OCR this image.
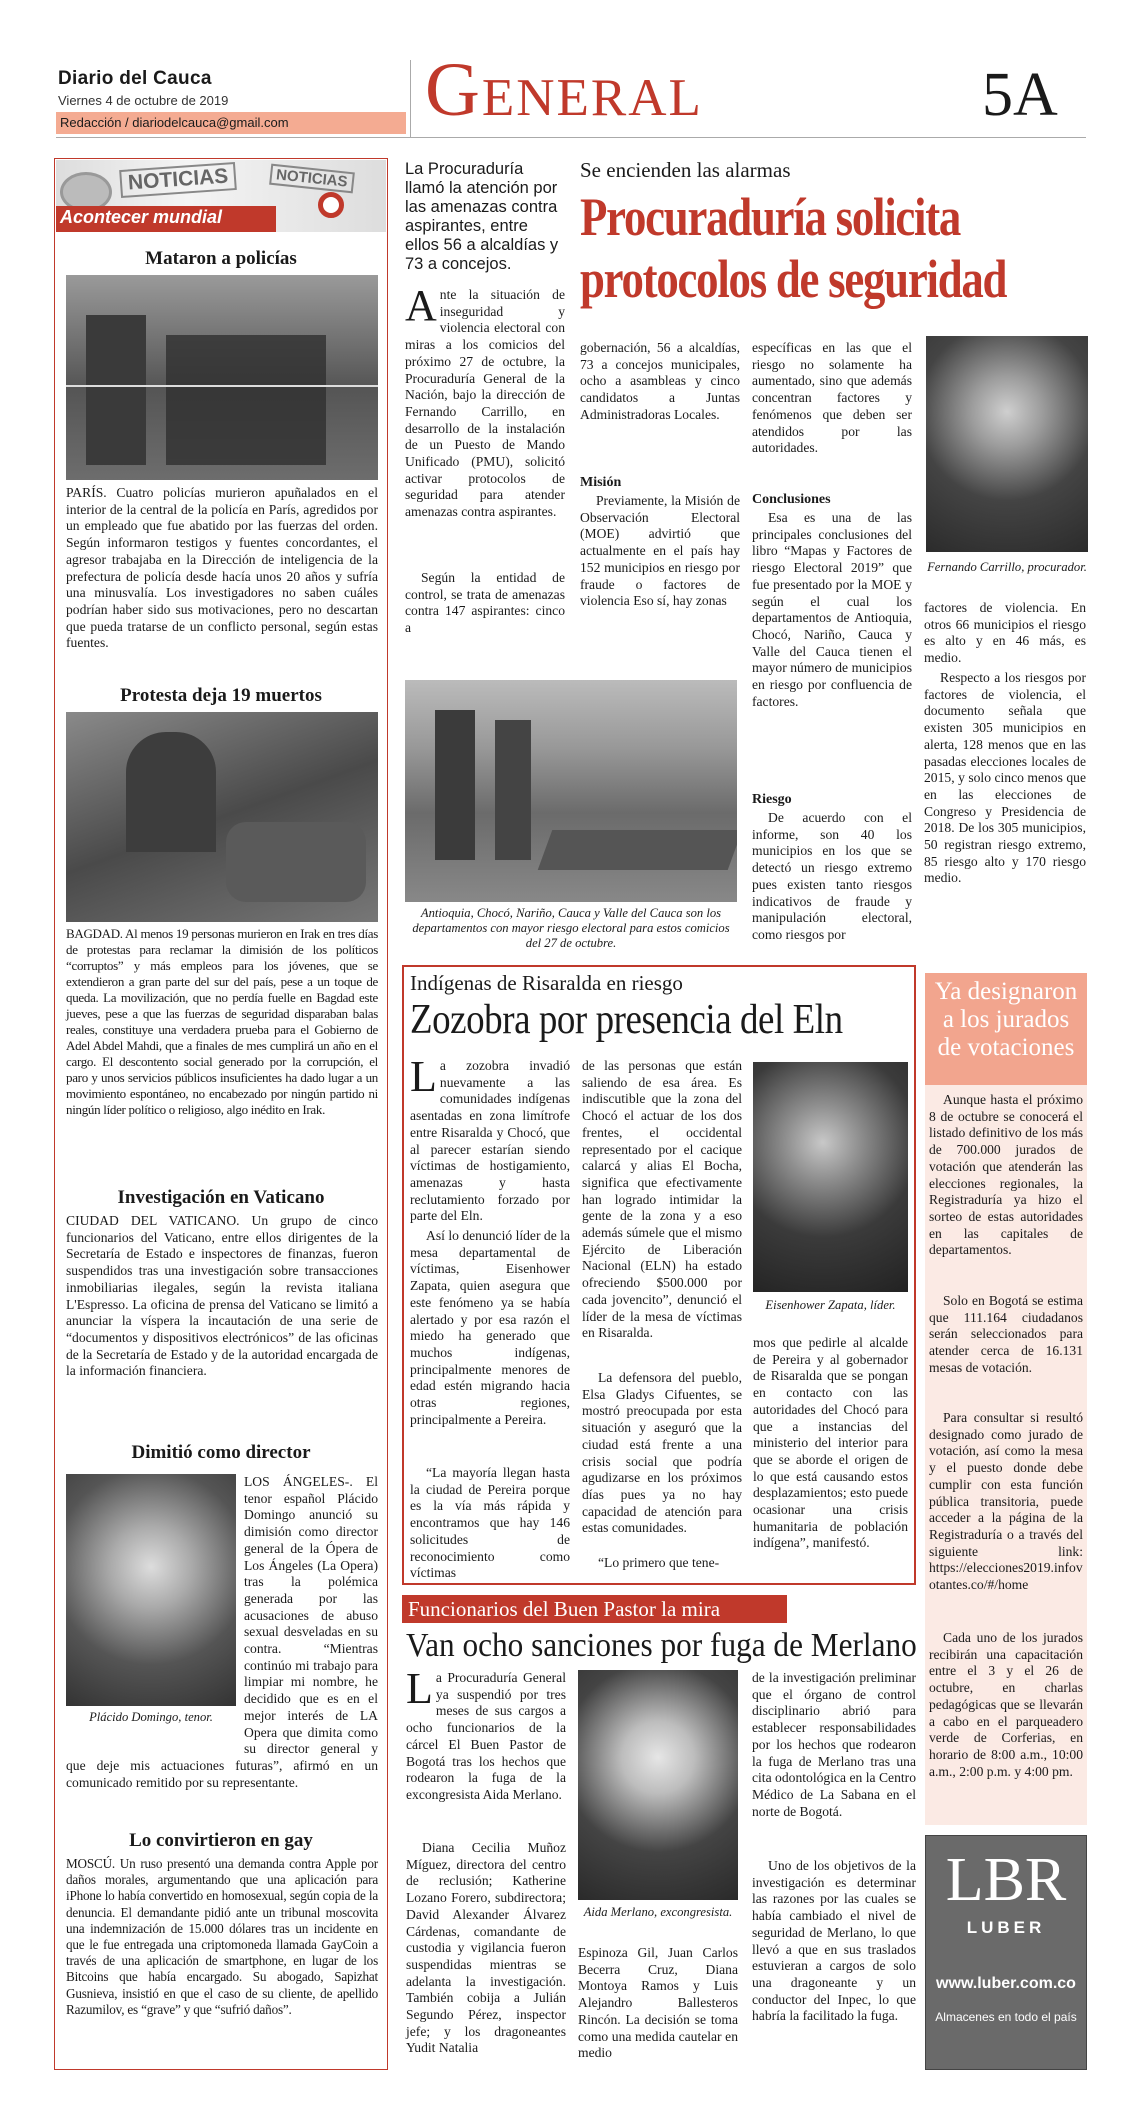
Diario del Cauca
Viernes 4 de octubre de 2019
Redacción / diariodelcauca@gmail.com General	5A
NOTICIAS	NOTICIAS
Acontecer mundial
Mataron a policías
PARÍS. Cuatro policías murieron apuñalados en el interior de la central de la policía en París, agredidos por un empleado que fue abatido por las fuerzas del orden. Según informaron testigos y fuentes concordantes, el agresor trabajaba en la Dirección de inteligencia de la prefectura de policía desde hacía unos 20 años y sufría una minusvalía. Los investigadores no saben cuáles podrían haber sido sus motivaciones, pero no descartan que pueda tratarse de un conflicto personal, según estas fuentes.
Protesta deja 19 muertos
BAGDAD. Al menos 19 personas murieron en Irak en tres días de protestas para reclamar la dimisión de los políticos “corruptos” y más empleos para los jóvenes, que se extendieron a gran parte del sur del país, pese a un toque de queda. La movilización, que no perdía fuelle en Bagdad este jueves, pese a que las fuerzas de seguridad disparaban balas reales, constituye una verdadera prueba para el Gobierno de Adel Abdel Mahdi, que a finales de mes cumplirá un año en el cargo. El descontento social generado por la corrupción, el paro y unos servicios públicos insuficientes ha dado lugar a un movimiento espontáneo, no encabezado por ningún partido ni ningún líder político o religioso, algo inédito en Irak.
Investigación en Vaticano
CIUDAD DEL VATICANO. Un grupo de cinco funcionarios del Vaticano, entre ellos dirigentes de la Secretaría de Estado e inspectores de finanzas, fueron suspendidos tras una investigación sobre transacciones inmobiliarias ilegales, según la revista italiana L'Espresso. La oficina de prensa del Vaticano se limitó a anunciar la víspera la incautación de una serie de “documentos y dispositivos electrónicos” de las oficinas de la Secretaría de Estado y de la autoridad encargada de la información financiera.
Dimitió como director
Plácido Domingo, tenor.
LOS ÁNGELES-. El tenor español Plácido Domingo anunció su dimisión como director general de la Ópera de Los Ángeles (La Opera) tras la polémica generada por las acusaciones de abuso sexual desveladas en su contra. “Mientras continúo mi trabajo para limpiar mi nombre, he decidido que es en el mejor interés de LA Opera que dimita como su director general y que deje mis actuaciones futuras”, afirmó en un comunicado remitido por su representante.
Lo convirtieron en gay
MOSCÚ. Un ruso presentó una demanda contra Apple por daños morales, argumentando que una aplicación para iPhone lo había convertido en homosexual, según copia de la denuncia. El demandante pidió ante un tribunal moscovita una indemnización de 15.000 dólares tras un incidente en que le fue entregada una criptomoneda llamada GayCoin a través de una aplicación de smartphone, en lugar de los Bitcoins que había encargado. Su abogado, Sapizhat Gusnieva, insistió en que el caso de su cliente, de apellido Razumilov, es “grave” y que “sufrió daños”.
La Procuraduría llamó la atención por las amenazas contra aspirantes, entre ellos 56 a alcaldías y 73 a concejos.
Se encienden las alarmas
Procuraduría solicita protocolos de seguridad
Ante la situación de inseguridad y violencia electoral con miras a los comicios del próximo 27 de octubre, la Procuraduría General de la Nación, bajo la dirección de Fernando Carrillo, en desarrollo de la instalación de un Puesto de Mando Unificado (PMU), solicitó activar protocolos de seguridad para atender amenazas contra aspirantes.
Según la entidad de control, se trata de amenazas contra 147 aspirantes: cinco a
gobernación, 56 a alcaldías, 73 a concejos municipales, ocho a asambleas y cinco candidatos a Juntas Administradoras Locales.
Misión
Previamente, la Misión de Observación Electoral (MOE) advirtió que actualmente en el país hay 152 municipios en riesgo por fraude o factores de violencia Eso sí, hay zonas
específicas en las que el riesgo no solamente ha aumentado, sino que además concentran factores y fenómenos que deben ser atendidos por las autoridades.
Conclusiones
Esa es una de las principales conclusiones del libro “Mapas y Factores de riesgo Electoral 2019” que fue presentado por la MOE y según el cual los departamentos de Antioquia, Chocó, Nariño, Cauca y Valle del Cauca tienen el mayor número de municipios en riesgo por confluencia de factores.
Riesgo
De acuerdo con el informe, son 40 los municipios en los que se detectó un riesgo extremo pues existen tanto riesgos indicativos de fraude y manipulación electoral, como riesgos por
Fernando Carrillo, procurador.
factores de violencia. En otros 66 municipios el riesgo es alto y en 46 más, es medio.
Respecto a los riesgos por factores de violencia, el documento señala que existen 305 municipios en alerta, 128 menos que en las pasadas elecciones locales de 2015, y solo cinco menos que en las elecciones de Congreso y Presidencia de 2018. De los 305 municipios, 50 registran riesgo extremo, 85 riesgo alto y 170 riesgo medio.
Antioquia, Chocó, Nariño, Cauca y Valle del Cauca son los departamentos con mayor riesgo electoral para estos comicios del 27 de octubre.
Indígenas de Risaralda en riesgo
Zozobra por presencia del Eln
La zozobra invadió nuevamente a las comunidades indígenas asentadas en zona limítrofe entre Risaralda y Chocó, que al parecer estarían siendo víctimas de hostigamiento, amenazas y hasta reclutamiento forzado por parte del Eln.
Así lo denunció líder de la mesa departamental de víctimas, Eisenhower Zapata, quien asegura que este fenómeno ya se había alertado y por esa razón el miedo ha generado que muchos indígenas, principalmente menores de edad estén migrando hacia otras regiones, principalmente a Pereira.
“La mayoría llegan hasta la ciudad de Pereira porque es la vía más rápida y encontramos que hay 146 solicitudes de reconocimiento como víctimas
de las personas que están saliendo de esa área. Es indiscutible que la zona del Chocó el actuar de los dos frentes, el occidental representado por el cacique calarcá y alias El Bocha, significa que efectivamente han logrado intimidar la gente de la zona y a eso además súmele que el mismo Ejército de Liberación Nacional (ELN) ha estado ofreciendo $500.000 por cada jovencito”, denunció el líder de la mesa de víctimas en Risaralda.
La defensora del pueblo, Elsa Gladys Cifuentes, se mostró preocupada por esta situación y aseguró que la ciudad está frente a una crisis social que podría agudizarse en los próximos días pues ya no hay capacidad de atención para estas comunidades.
“Lo primero que tene-
Eisenhower Zapata, líder.
mos que pedirle al alcalde de Pereira y al gobernador de Risaralda que se pongan en contacto con las autoridades del Chocó para que a instancias del ministerio del interior para que se aborde el origen de lo que está causando estos desplazamientos; esto puede ocasionar una crisis humanitaria de población indígena”, manifestó.
Ya designaron a los jurados de votaciones
Aunque hasta el próximo 8 de octubre se conocerá el listado definitivo de los más de 700.000 jurados de votación que atenderán las elecciones regionales, la Registraduría ya hizo el sorteo de estas autoridades en las capitales de departamentos.
Solo en Bogotá se estima que 111.164 ciudadanos serán seleccionados para atender cerca de 16.131 mesas de votación.
Para consultar si resultó designado como jurado de votación, así como la mesa y el puesto donde debe cumplir con esta función pública transitoria, puede acceder a la página de la Registraduría o a través del siguiente link: https://elecciones2019.infovotantes.co/#/home
Cada uno de los jurados recibirán una capacitación entre el 3 y el 26 de octubre, en charlas pedagógicas que se llevarán a cabo en el parqueadero verde de Corferias, en horario de 8:00 a.m., 10:00 a.m., 2:00 p.m. y 4:00 pm.
Funcionarios del Buen Pastor la mira
Van ocho sanciones por fuga de Merlano
La Procuraduría General ya suspendió por tres meses de sus cargos a ocho funcionarios de la cárcel El Buen Pastor de Bogotá tras los hechos que rodearon la fuga de la excongresista Aida Merlano.
Diana Cecilia Muñoz Míguez, directora del centro de reclusión; Katherine Lozano Forero, subdirectora; David Alexander Álvarez Cárdenas, comandante de custodia y vigilancia fueron suspendidas mientras se adelanta la investigación. También cobija a Julián Segundo Pérez, inspector jefe; y los dragoneantes Yudit Natalia
Aida Merlano, excongresista.
Espinoza Gil, Juan Carlos Becerra Cruz, Diana Montoya Ramos y Luis Alejandro Ballesteros Rincón. La decisión se toma como una medida cautelar en medio
de la investigación preliminar que el órgano de control disciplinario abrió para establecer responsabilidades por los hechos que rodearon la fuga de Merlano tras una cita odontológica en la Centro Médico de La Sabana en el norte de Bogotá.
Uno de los objetivos de la investigación es determinar las razones por las cuales se había cambiado el nivel de seguridad de Merlano, lo que llevó a que en sus traslados estuvieran a cargos de solo una dragoneante y un conductor del Inpec, lo que habría la facilitado la fuga.
LBR
LUBER
www.luber.com.co
Almacenes en todo el país
